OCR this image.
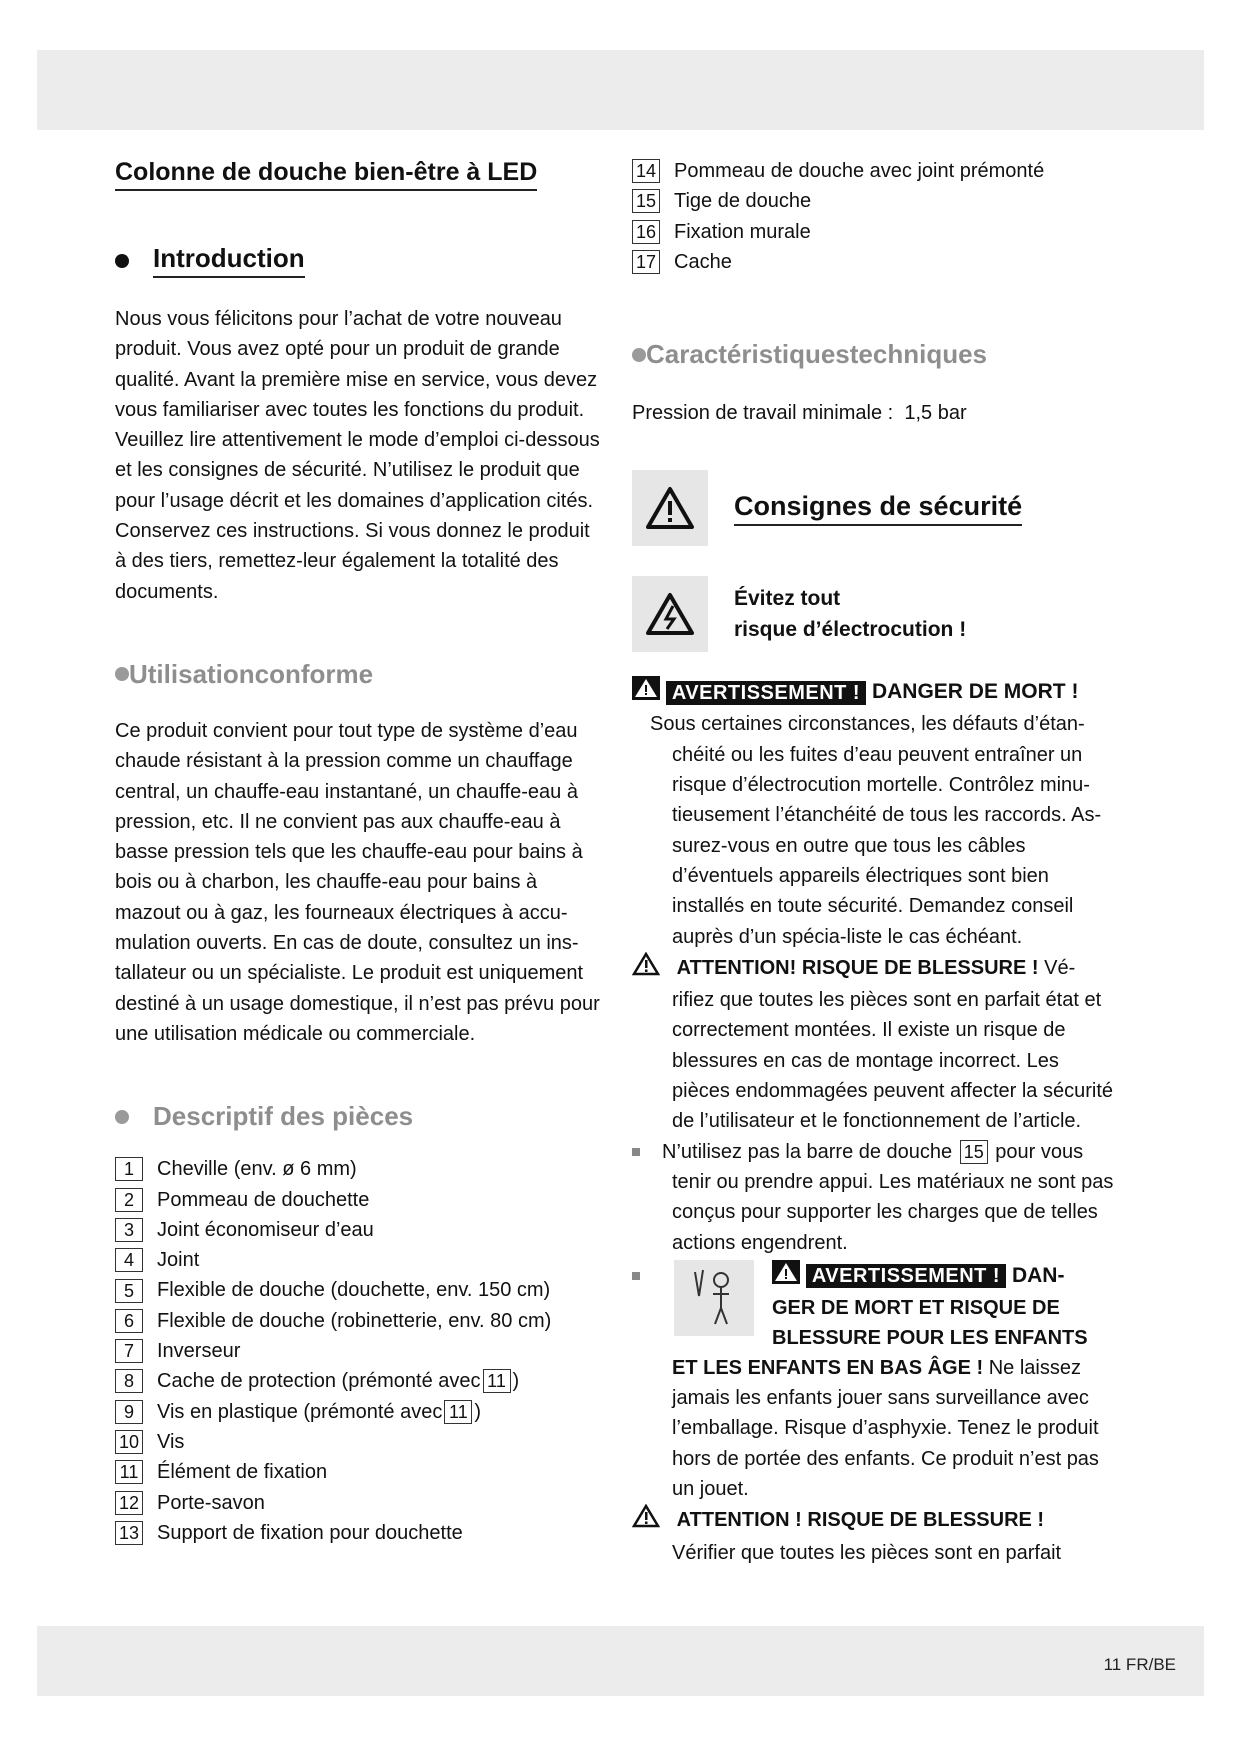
Colonne de douche bien-être à LED
Introduction

Nous vous félicitons pour l’achat de votre nouveau produit. Vous avez opté pour un produit de grande qualité. Avant la première mise en service, vous devez vous familiariser avec toutes les fonctions du produit. Veuillez lire attentivement le mode d’emploi ci-dessous et les consignes de sécurité. N’utilisez le produit que pour l’usage décrit et les domaines d’application cités. Conservez ces instructions. Si vous donnez le produit à des tiers, remettez-leur également la totalité des documents.

Utilisationconforme

Ce produit convient pour tout type de système d’eau chaude résistant à la pression comme un chauffage central, un chauffe-eau instantané, un chauffe-eau à pression, etc. Il ne convient pas aux chauffe-eau à basse pression tels que les chauffe-eau pour bains à bois ou à charbon, les chauffe-eau pour bains à mazout ou à gaz, les fourneaux électriques à accu-mulation ouverts. En cas de doute, consultez un ins-tallateur ou un spécialiste. Le produit est uniquement destiné à un usage domestique, il n’est pas prévu pour une utilisation médicale ou commerciale.

Descriptif des pièces
1	Cheville (env. ø 6 mm)
2	Pommeau de douchette
3	Joint économiseur d’eau
4	Joint
5	Flexible de douche (douchette, env. 150 cm)
6	Flexible de douche (robinetterie, env. 80 cm)
7	Inverseur
8	Cache de protection (prémonté avec 11 )
9	Vis en plastique (prémonté avec 11 )
10 Vis
11 Élément de fixation
12 Porte-savon
13 Support de fixation pour douchette
14 Pommeau de douche avec joint prémonté
15 Tige de douche
16 Fixation murale
17 Cache
Caractéristiquestechniques

Pression de travail minimale : 1,5 bar

Consignes de sécurité
Évitez tout
risque d’électrocution !
AVERTISSEMENT ! DANGER DE MORT !

Sous certaines circonstances, les défauts d’étan-

chéité ou les fuites d’eau peuvent entraîner un risque d’électrocution mortelle. Contrôlez minu-tieusement l’étanchéité de tous les raccords. As-surez-vous en outre que tous les câbles d’éventuels appareils électriques sont bien installés en toute sécurité. Demandez conseil auprès d’un spécia-liste le cas échéant.

ATTENTION! RISQUE DE BLESSURE ! Vé-

rifiez que toutes les pièces sont en parfait état et correctement montées. Il existe un risque de blessures en cas de montage incorrect. Les pièces endommagées peuvent affecter la sécurité de l’utilisateur et le fonctionnement de l’article.

N’utilisez pas la barre de douche 15 pour vous

tenir ou prendre appui. Les matériaux ne sont pas conçus pour supporter les charges que de telles actions engendrent.

AVERTISSEMENT ! DAN-
GER DE MORT ET RISQUE DE
BLESSURE POUR LES ENFANTS

ET LES ENFANTS EN BAS ÂGE ! Ne laissez jamais les enfants jouer sans surveillance avec l’emballage. Risque d’asphyxie. Tenez le produit hors de portée des enfants. Ce produit n’est pas un jouet.

ATTENTION ! RISQUE DE BLESSURE !

Vérifier que toutes les pièces sont en parfait

11 FR/BE
